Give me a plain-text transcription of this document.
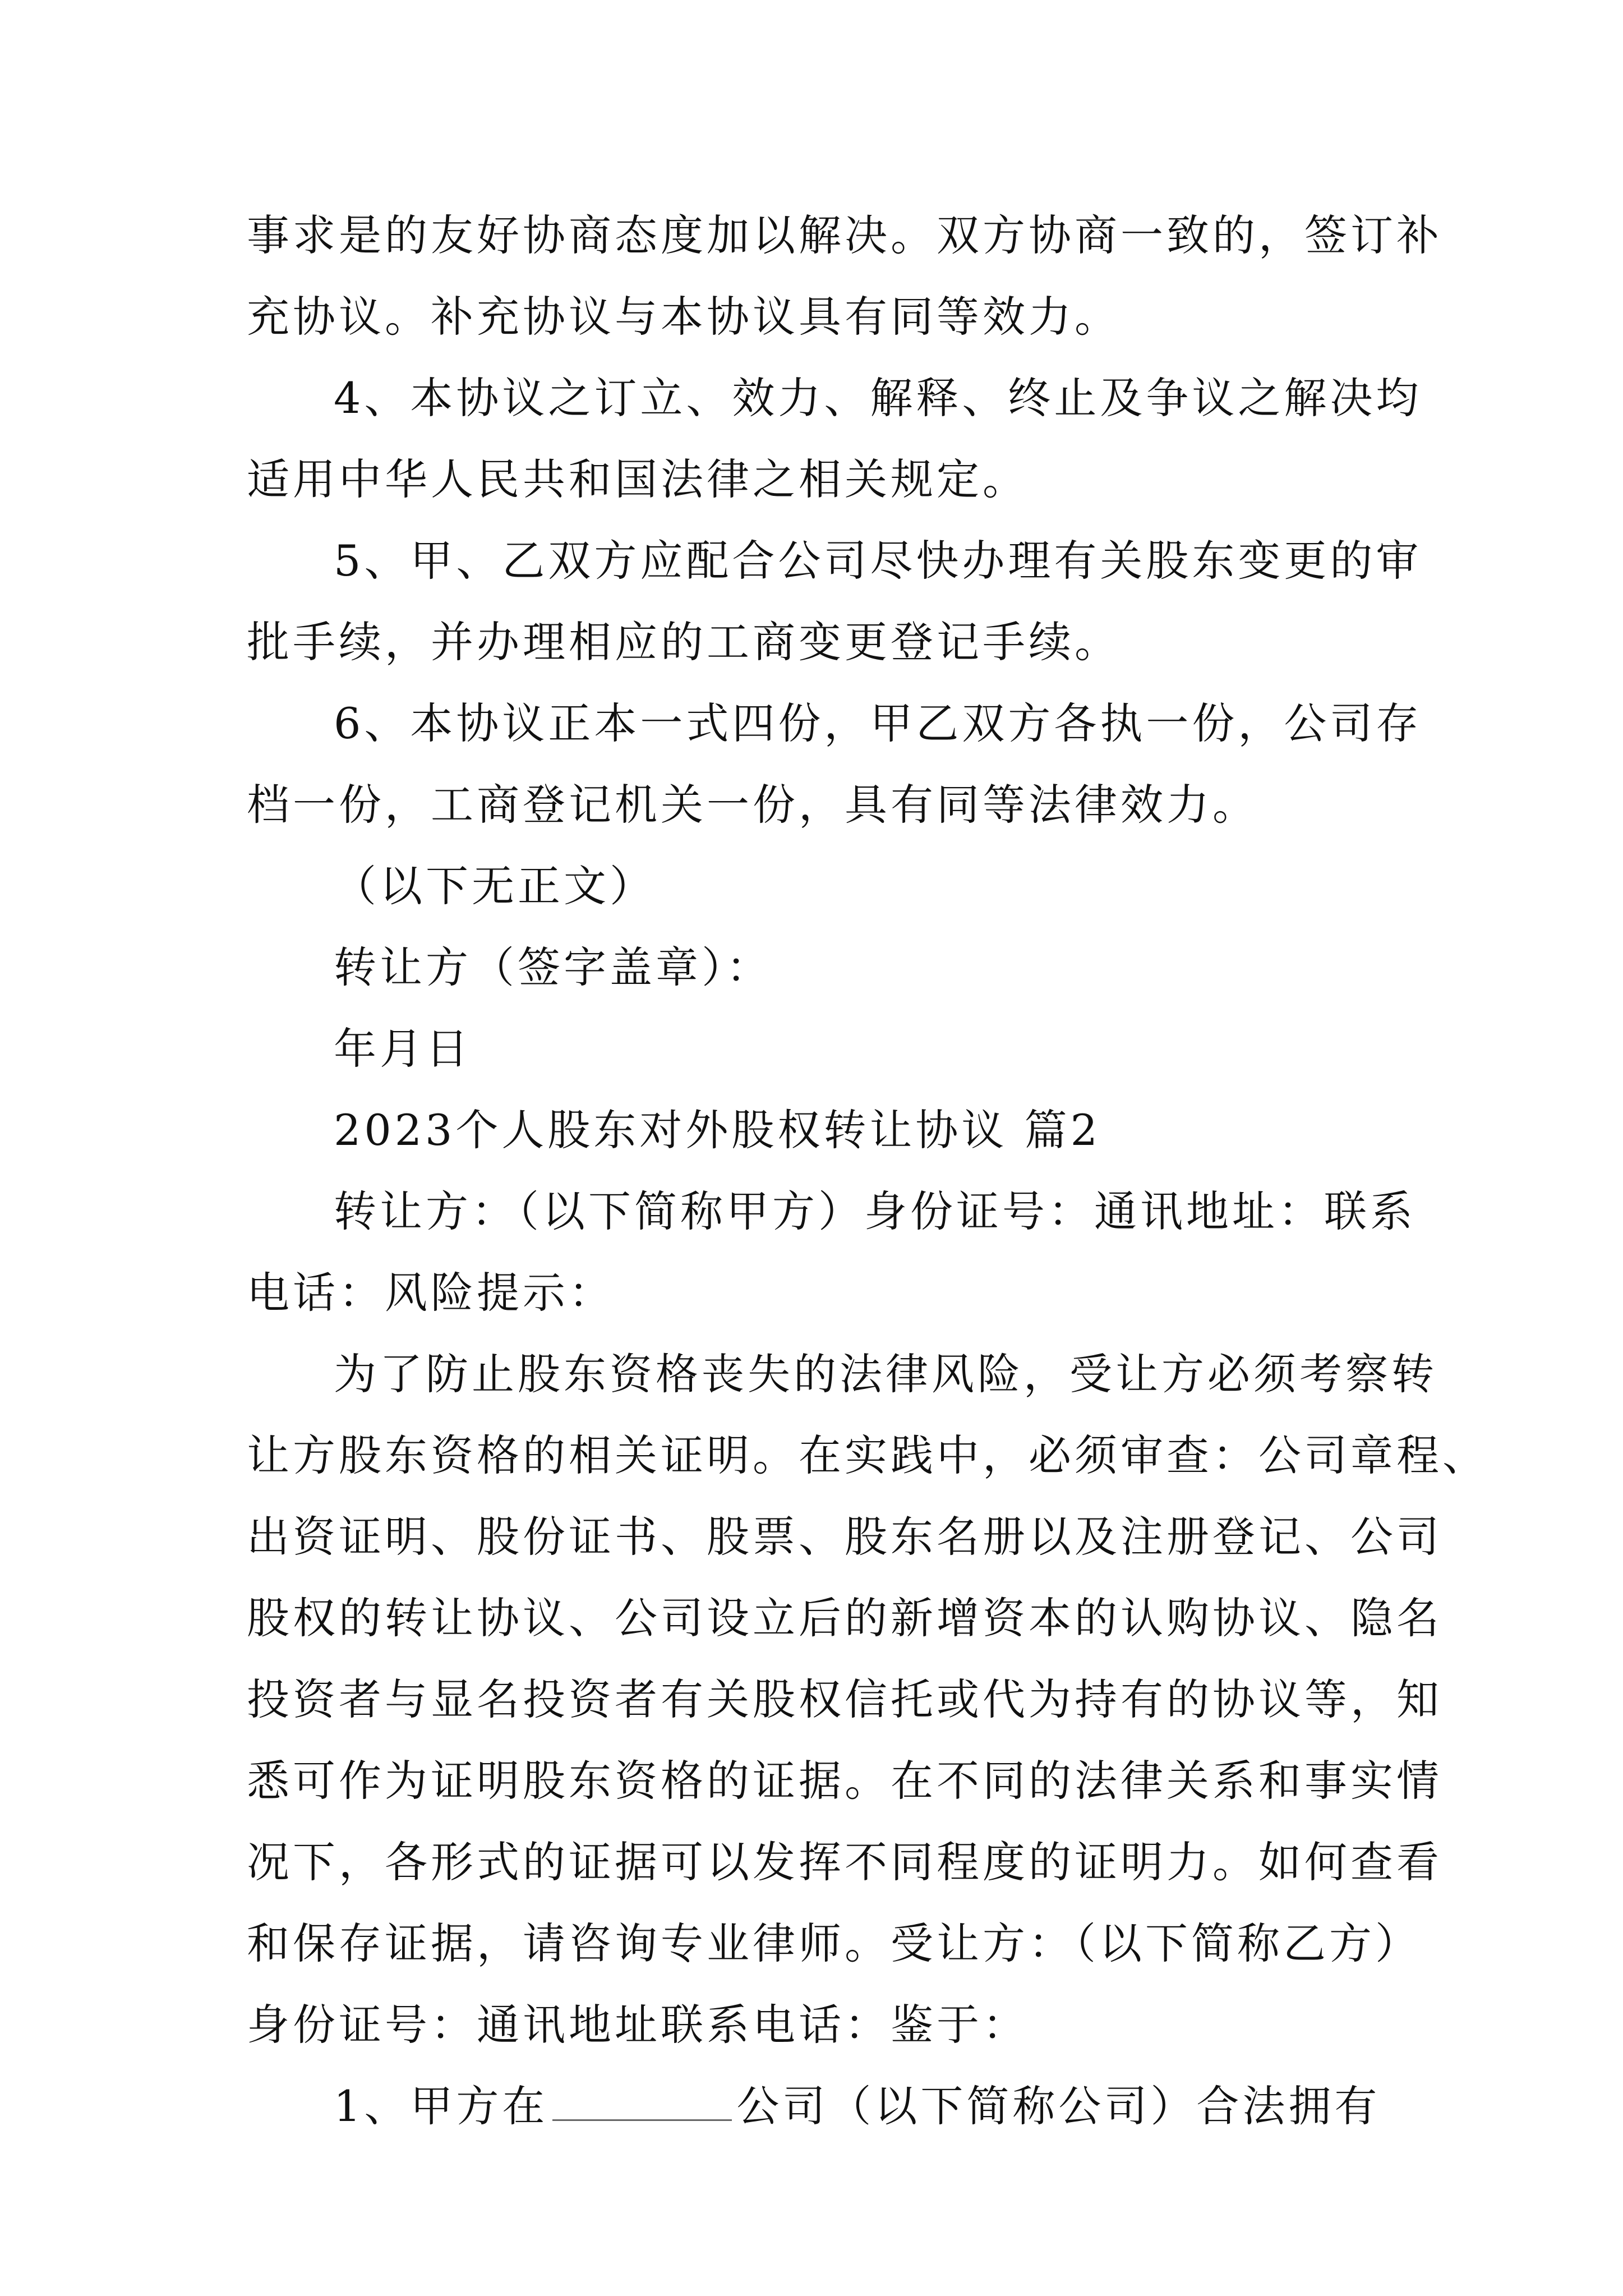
事求是的友好协商态度加以解决。双方协商一致的，签订补
充协议。补充协议与本协议具有同等效力。
4、本协议之订立、效力、解释、终止及争议之解决均
适用中华人民共和国法律之相关规定。
5、甲、乙双方应配合公司尽快办理有关股东变更的审
批手续，并办理相应的工商变更登记手续。
6、本协议正本一式四份，甲乙双方各执一份，公司存
档一份，工商登记机关一份，具有同等法律效力。
（以下无正文）
转让方（签字盖章）：
年月日
2023个人股东对外股权转让协议 篇2
转让方：（以下简称甲方）身份证号：通讯地址：联系
电话：风险提示：
为了防止股东资格丧失的法律风险，受让方必须考察转
让方股东资格的相关证明。在实践中，必须审查：公司章程、
出资证明、股份证书、股票、股东名册以及注册登记、公司
股权的转让协议、公司设立后的新增资本的认购协议、隐名
投资者与显名投资者有关股权信托或代为持有的协议等，知
悉可作为证明股东资格的证据。在不同的法律关系和事实情
况下，各形式的证据可以发挥不同程度的证明力。如何查看
和保存证据，请咨询专业律师。受让方：（以下简称乙方）
身份证号：通讯地址联系电话：鉴于：
1、甲方在	公司（以下简称公司）合法拥有
